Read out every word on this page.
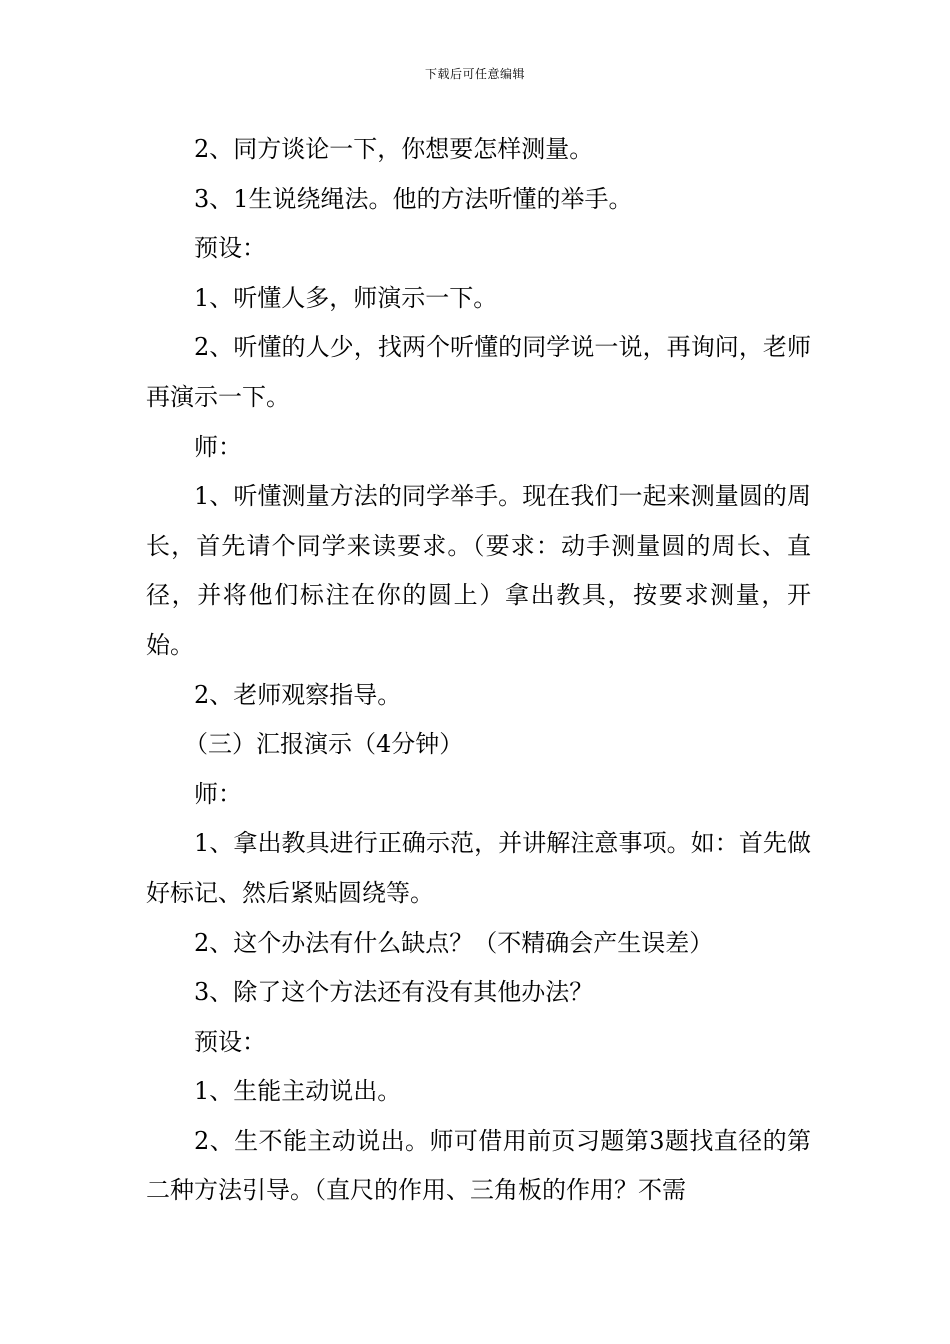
下载后可任意编辑

2、同方谈论一下，你想要怎样测量。

3、1生说绕绳法。他的方法听懂的举手。

预设：

1、听懂人多，师演示一下。

2、听懂的人少，找两个听懂的同学说一说，再询问，老师再演示一下。

师：

1、听懂测量方法的同学举手。现在我们一起来测量圆的周长，首先请个同学来读要求。（要求：动手测量圆的周长、直径，并将他们标注在你的圆上）拿出教具，按要求测量，开始。

2、老师观察指导。

（三）汇报演示（4分钟）

师：

1、拿出教具进行正确示范，并讲解注意事项。如：首先做好标记、然后紧贴圆绕等。

2、这个办法有什么缺点？（不精确会产生误差）

3、除了这个方法还有没有其他办法？

预设：

1、生能主动说出。

2、生不能主动说出。师可借用前页习题第3题找直径的第二种方法引导。（直尺的作用、三角板的作用？不需
